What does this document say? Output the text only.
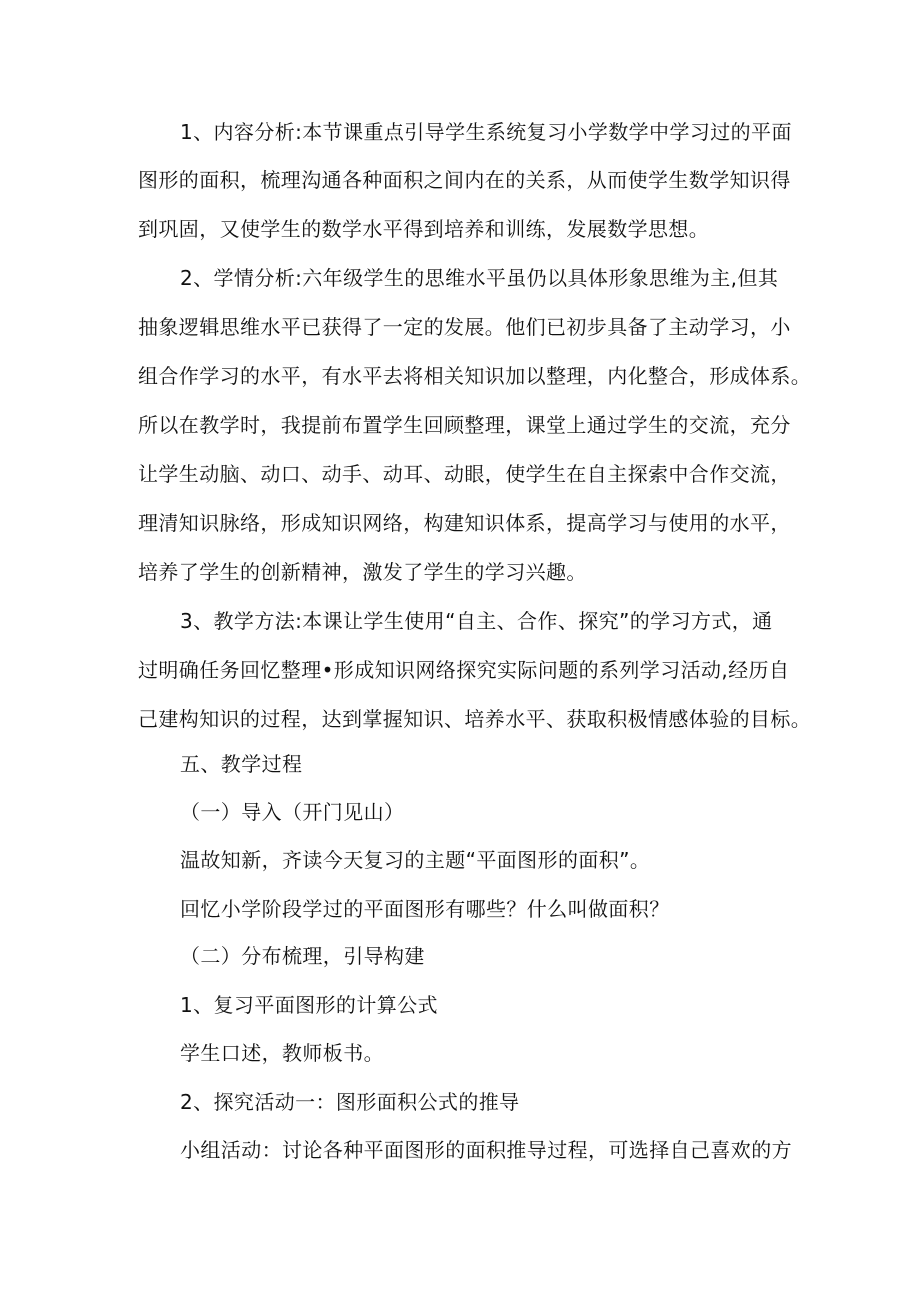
1、内容分析:本节课重点引导学生系统复习小学数学中学习过的平面
图形的面积，梳理沟通各种面积之间内在的关系，从而使学生数学知识得
到巩固，又使学生的数学水平得到培养和训练，发展数学思想。
2、学情分析:六年级学生的思维水平虽仍以具体形象思维为主,但其
抽象逻辑思维水平已获得了一定的发展。他们已初步具备了主动学习，小
组合作学习的水平，有水平去将相关知识加以整理，内化整合，形成体系。
所以在教学时，我提前布置学生回顾整理，课堂上通过学生的交流，充分
让学生动脑、动口、动手、动耳、动眼，使学生在自主探索中合作交流，
理清知识脉络，形成知识网络，构建知识体系，提高学习与使用的水平，
培养了学生的创新精神，激发了学生的学习兴趣。
3、教学方法:本课让学生使用“自主、合作、探究”的学习方式，通
过明确任务回忆整理•形成知识网络探究实际问题的系列学习活动,经历自
己建构知识的过程，达到掌握知识、培养水平、获取积极情感体验的目标。
五、教学过程
（一）导入（开门见山）
温故知新，齐读今天复习的主题“平面图形的面积”。
回忆小学阶段学过的平面图形有哪些？什么叫做面积？
（二）分布梳理，引导构建
1、复习平面图形的计算公式
学生口述，教师板书。
2、探究活动一：图形面积公式的推导
小组活动：讨论各种平面图形的面积推导过程，可选择自己喜欢的方
